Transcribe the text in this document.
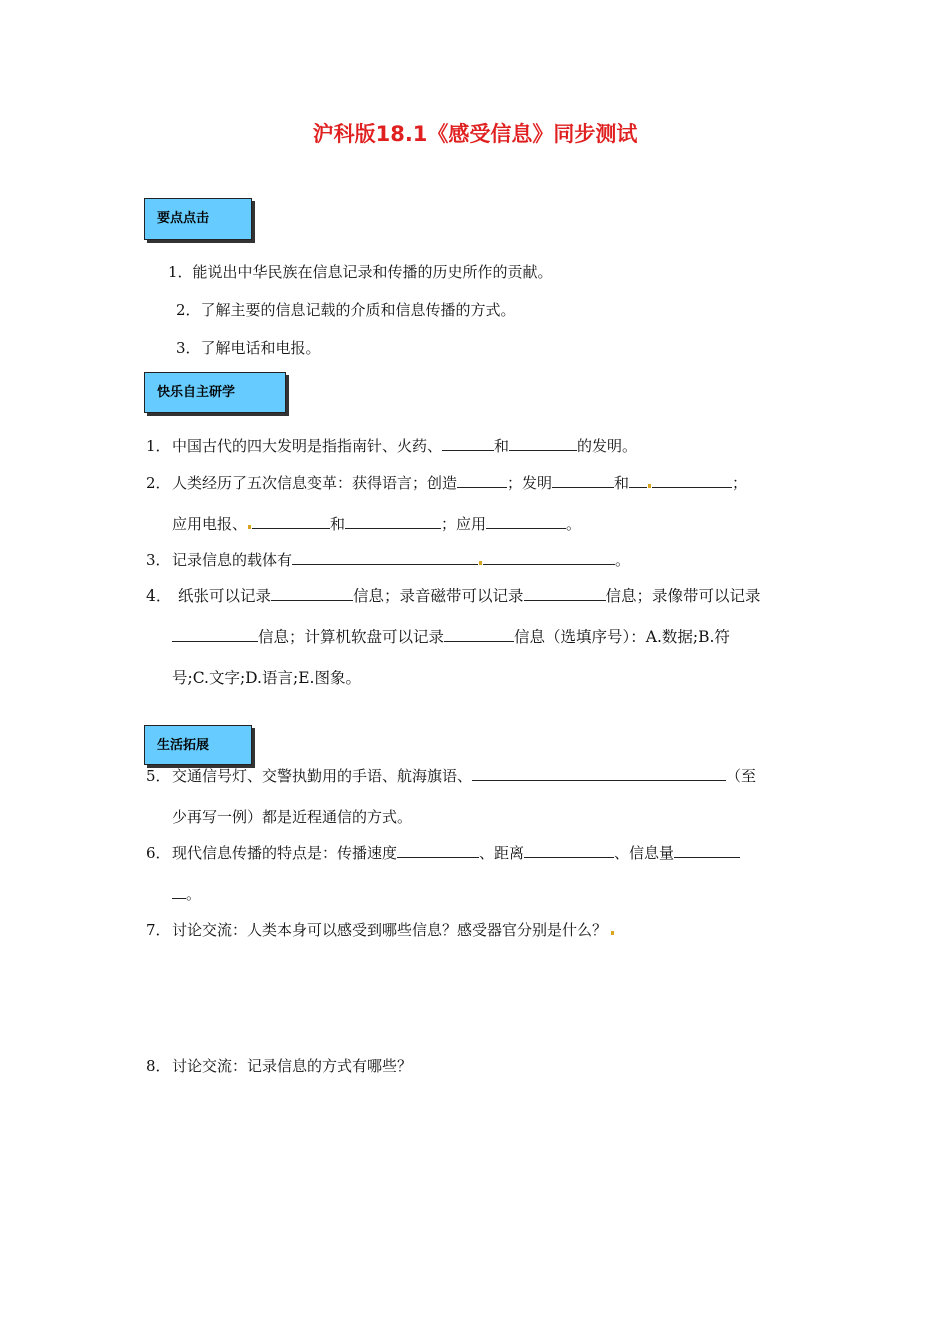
沪科版18.1《感受信息》同步测试
要点点击
1．能说出中华民族在信息记录和传播的历史所作的贡献。
2．了解主要的信息记载的介质和信息传播的方式。
3．了解电话和电报。
快乐自主研学
1．中国古代的四大发明是指指南针、火药、	和	的发明。
2．人类经历了五次信息变革：获得语言；创造	；发明	和	；
应用电报、	和	；应用	。
3．记录信息的载体有	。
4． 纸张可以记录	信息；录音磁带可以记录	信息；录像带可以记录
信息；计算机软盘可以记录	信息（选填序号）：A.数据;B.符
号;C.文字;D.语言;E.图象。
生活拓展
5．交通信号灯、交警执勤用的手语、航海旗语、	（至
少再写一例）都是近程通信的方式。
6．现代信息传播的特点是：传播速度	、距离	、信息量
。
7．讨论交流：人类本身可以感受到哪些信息？感受器官分别是什么？
8．讨论交流：记录信息的方式有哪些？
